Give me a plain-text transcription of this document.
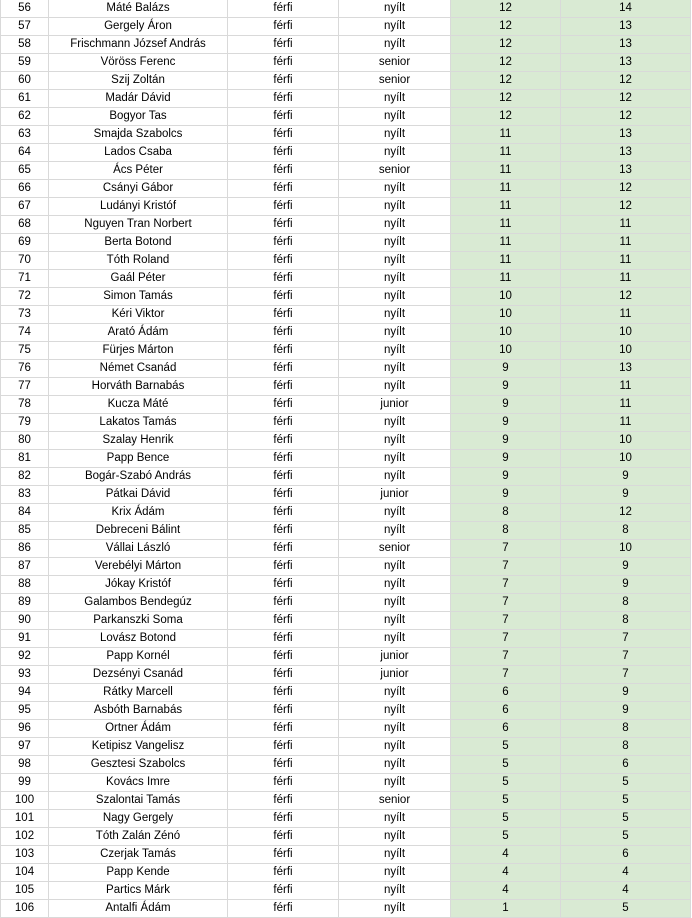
56	Máté Balázs	férfi	nyílt	12	14
57	Gergely Áron	férfi	nyílt	12	13
58	Frischmann József András	férfi	nyílt	12	13
59	Vöröss Ferenc	férfi	senior	12	13
60	Szij Zoltán	férfi	senior	12	12
61	Madár Dávid	férfi	nyílt	12	12
62	Bogyor Tas	férfi	nyílt	12	12
63	Smajda Szabolcs	férfi	nyílt	11	13
64	Lados Csaba	férfi	nyílt	11	13
65	Ács Péter	férfi	senior	11	13
66	Csányi Gábor	férfi	nyílt	11	12
67	Ludányi Kristóf	férfi	nyílt	11	12
68	Nguyen Tran Norbert	férfi	nyílt	11	11
69	Berta Botond	férfi	nyílt	11	11
70	Tóth Roland	férfi	nyílt	11	11
71	Gaál Péter	férfi	nyílt	11	11
72	Simon Tamás	férfi	nyílt	10	12
73	Kéri Viktor	férfi	nyílt	10	11
74	Arató Ádám	férfi	nyílt	10	10
75	Fürjes Márton	férfi	nyílt	10	10
76	Német Csanád	férfi	nyílt	9	13
77	Horváth Barnabás	férfi	nyílt	9	11
78	Kucza Máté	férfi	junior	9	11
79	Lakatos Tamás	férfi	nyílt	9	11
80	Szalay Henrik	férfi	nyílt	9	10
81	Papp Bence	férfi	nyílt	9	10
82	Bogár-Szabó András	férfi	nyílt	9	9
83	Pátkai Dávid	férfi	junior	9	9
84	Krix Ádám	férfi	nyílt	8	12
85	Debreceni Bálint	férfi	nyílt	8	8
86	Vállai László	férfi	senior	7	10
87	Verebélyi Márton	férfi	nyílt	7	9
88	Jókay Kristóf	férfi	nyílt	7	9
89	Galambos Bendegúz	férfi	nyílt	7	8
90	Parkanszki Soma	férfi	nyílt	7	8
91	Lovász Botond	férfi	nyílt	7	7
92	Papp Kornél	férfi	junior	7	7
93	Dezsényi Csanád	férfi	junior	7	7
94	Rátky Marcell	férfi	nyílt	6	9
95	Asbóth Barnabás	férfi	nyílt	6	9
96	Ortner Ádám	férfi	nyílt	6	8
97	Ketipisz Vangelisz	férfi	nyílt	5	8
98	Gesztesi Szabolcs	férfi	nyílt	5	6
99	Kovács Imre	férfi	nyílt	5	5
100	Szalontai Tamás	férfi	senior	5	5
101	Nagy Gergely	férfi	nyílt	5	5
102	Tóth Zalán Zénó	férfi	nyílt	5	5
103	Czerjak Tamás	férfi	nyílt	4	6
104	Papp Kende	férfi	nyílt	4	4
105	Partics Márk	férfi	nyílt	4	4
106	Antalfi Ádám	férfi	nyílt	1	5
